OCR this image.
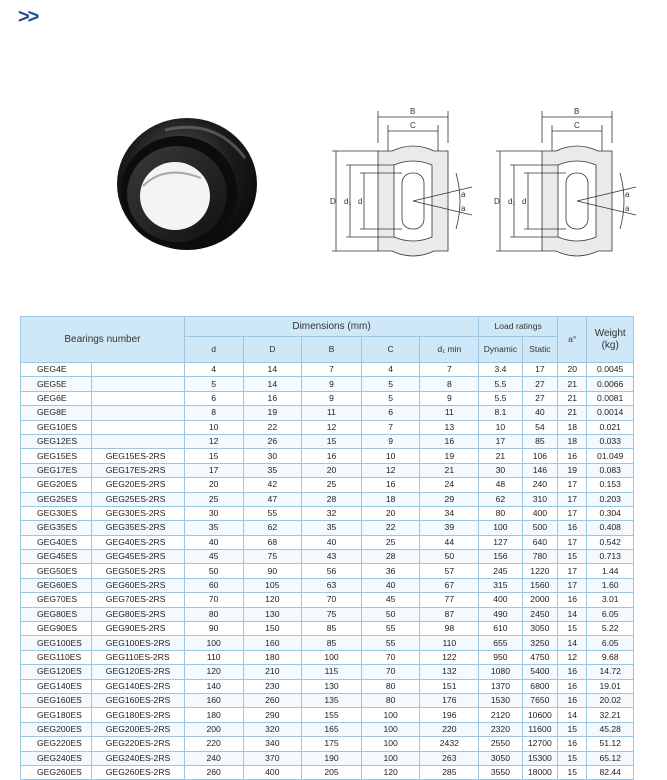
>>
B
C
D d₁ d
a
a
B
C
D d₁ d
a
a
Bearings number		Dimensions (mm)					Load ratings		a°	Weight
(kg)
		d	D	B	C	d₁ min	Dynamic	Static		
GEG4E		4	14	7	4	7	3.4	17	20	0.0045
GEG5E		5	14	9	5	8	5.5	27	21	0.0066
GEG6E		6	16	9	5	9	5.5	27	21	0.0081
GEG8E		8	19	11	6	11	8.1	40	21	0.0014
GEG10ES		10	22	12	7	13	10	54	18	0.021
GEG12ES		12	26	15	9	16	17	85	18	0.033
GEG15ES	GEG15ES-2RS	15	30	16	10	19	21	106	16	01.049
GEG17ES	GEG17ES-2RS	17	35	20	12	21	30	146	19	0.083
GEG20ES	GEG20ES-2RS	20	42	25	16	24	48	240	17	0.153
GEG25ES	GEG25ES-2RS	25	47	28	18	29	62	310	17	0.203
GEG30ES	GEG30ES-2RS	30	55	32	20	34	80	400	17	0.304
GEG35ES	GEG35ES-2RS	35	62	35	22	39	100	500	16	0.408
GEG40ES	GEG40ES-2RS	40	68	40	25	44	127	640	17	0.542
GEG45ES	GEG45ES-2RS	45	75	43	28	50	156	780	15	0.713
GEG50ES	GEG50ES-2RS	50	90	56	36	57	245	1220	17	1.44
GEG60ES	GEG60ES-2RS	60	105	63	40	67	315	1560	17	1.60
GEG70ES	GEG70ES-2RS	70	120	70	45	77	400	2000	16	3.01
GEG80ES	GEG80ES-2RS	80	130	75	50	87	490	2450	14	6.05
GEG90ES	GEG90ES-2RS	90	150	85	55	98	610	3050	15	5.22
GEG100ES	GEG100ES-2RS	100	160	85	55	110	655	3250	14	6.05
GEG110ES	GEG110ES-2RS	110	180	100	70	122	950	4750	12	9.68
GEG120ES	GEG120ES-2RS	120	210	115	70	132	1080	5400	16	14.72
GEG140ES	GEG140ES-2RS	140	230	130	80	151	1370	6800	16	19.01
GEG160ES	GEG160ES-2RS	160	260	135	80	176	1530	7650	16	20.02
GEG180ES	GEG180ES-2RS	180	290	155	100	196	2120	10600	14	32.21
GEG200ES	GEG200ES-2RS	200	320	165	100	220	2320	11600	15	45.28
GEG220ES	GEG220ES-2RS	220	340	175	100	2432	2550	12700	16	51.12
GEG240ES	GEG240ES-2RS	240	370	190	100	263	3050	15300	15	65.12
GEG260ES	GEG260ES-2RS	260	400	205	120	285	3550	18000	15	82.44
